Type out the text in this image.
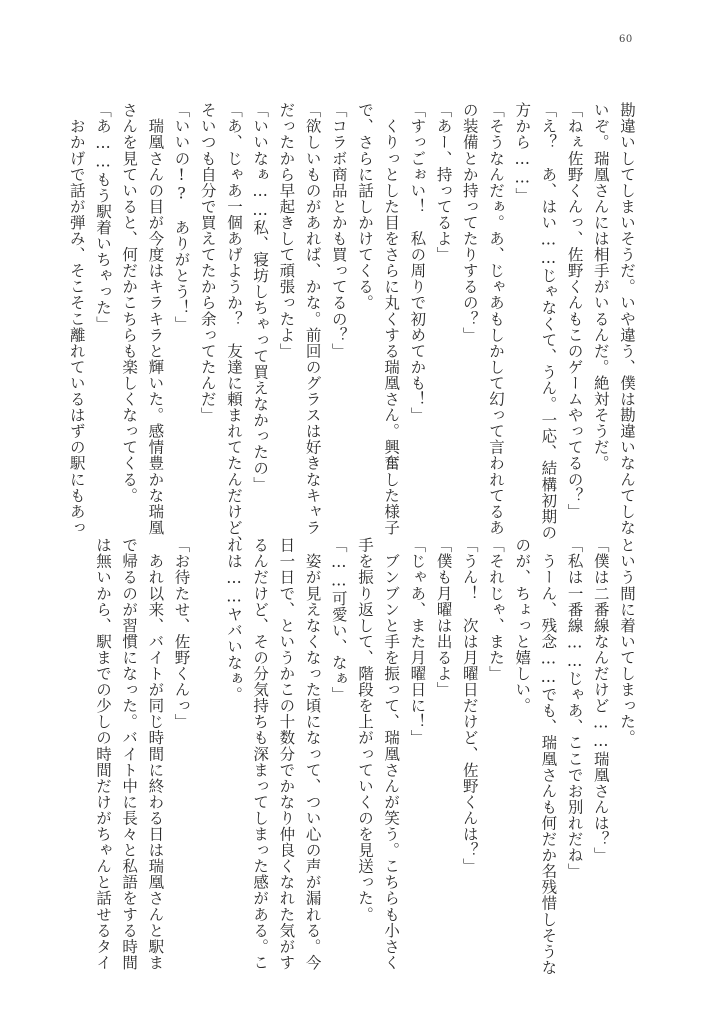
60

勘違いしてしまいそうだ。いや違う、僕は勘違いなんてしな

いぞ。瑞凰さんには相手がいるんだ。絶対そうだ。

「ねぇ佐野くんっ、佐野くんもこのゲームやってるの？」

「え？　あ、はい……じゃなくて、うん。一応、結構初期の

方から……」

「そうなんだぁ。あ、じゃあもしかして幻って言われてるあ

の装備とか持ってたりするの？」

「あー、持ってるよ」

「すっごぉい！　私の周りで初めてかも！」

　くりっとした目をさらに丸くする瑞凰さん。興奮した様子

で、さらに話しかけてくる。

「コラボ商品とかも買ってるの？」

「欲しいものがあれば、かな。前回のグラスは好きなキャラ

だったから早起きして頑張ったよ」

「いいなぁ……私、寝坊しちゃって買えなかったの」

「あ、じゃあ一個あげようか？　友達に頼まれてたんだけど、

そいつも自分で買えてたから余ってたんだ」

「いいの!?　ありがとう！」

　瑞凰さんの目が今度はキラキラと輝いた。感情豊かな瑞凰

さんを見ていると、何だかこちらも楽しくなってくる。

「あ……もう駅着いちゃった」

　おかげで話が弾み、そこそこ離れているはずの駅にもあっ

という間に着いてしまった。

「僕は二番線なんだけど……瑞凰さんは？」

「私は一番線……じゃあ、ここでお別れだね」

　うーん、残念……でも、瑞凰さんも何だか名残惜しそうな

のが、ちょっと嬉しい。

「それじゃ、また」

「うん！　次は月曜日だけど、佐野くんは？」

「僕も月曜は出るよ」

「じゃあ、また月曜日に！」

　ブンブンと手を振って、瑞凰さんが笑う。こちらも小さく

手を振り返して、階段を上がっていくのを見送った。

「……可愛い、なぁ」

　姿が見えなくなった頃になって、つい心の声が漏れる。今

日一日で、というかこの十数分でかなり仲良くなれた気がす

るんだけど、その分気持ちも深まってしまった感がある。こ

れは……ヤバいなぁ。

「お待たせ、佐野くんっ」

　あれ以来、バイトが同じ時間に終わる日は瑞凰さんと駅ま

で帰るのが習慣になった。バイト中に長々と私語をする時間

は無いから、駅までの少しの時間だけがちゃんと話せるタイ
